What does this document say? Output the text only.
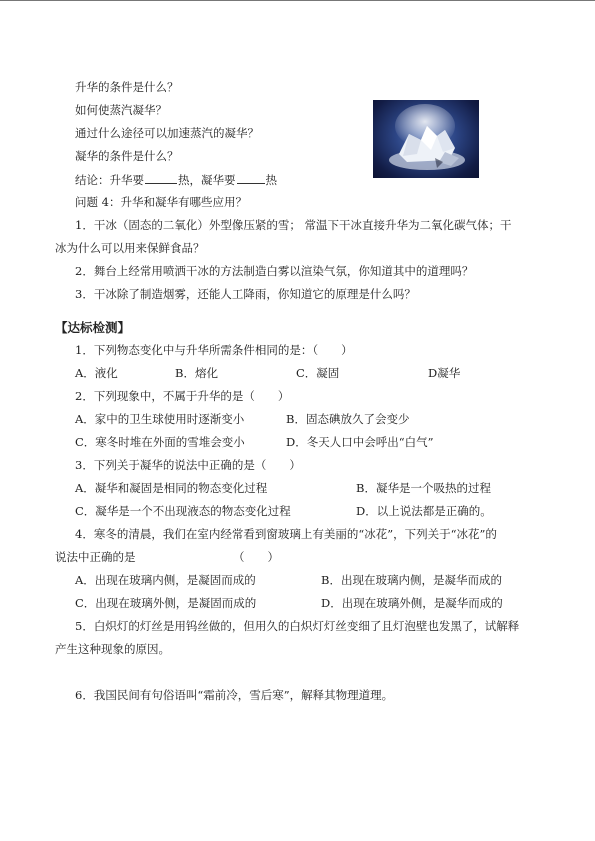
升华的条件是什么？
如何使蒸汽凝华？
通过什么途径可以加速蒸汽的凝华？
凝华的条件是什么？
结论：升华要	热，凝华要	热
问题 4：升华和凝华有哪些应用？
1．干冰（固态的二氧化）外型像压紧的雪； 常温下干冰直接升华为二氧化碳气体；干
冰为什么可以用来保鲜食品？
2．舞台上经常用喷洒干冰的方法制造白雾以渲染气氛，你知道其中的道理吗？
3．干冰除了制造烟雾，还能人工降雨，你知道它的原理是什么吗？
【达标检测】
1．下列物态变化中与升华所需条件相同的是：（　　）
A．液化	B．熔化	C．凝固	D凝华
2．下列现象中，不属于升华的是（　　）
A．家中的卫生球使用时逐渐变小	B．固态碘放久了会变少
C．寒冬时堆在外面的雪堆会变小	D．冬天人口中会呼出“白气”
3．下列关于凝华的说法中正确的是（　　）
A．凝华和凝固是相同的物态变化过程	B．凝华是一个吸热的过程
C．凝华是一个不出现液态的物态变化过程	D．以上说法都是正确的。
4．寒冬的清晨，我们在室内经常看到窗玻璃上有美丽的“冰花”，下列关于“冰花”的
说法中正确的是	（　　）
A．出现在玻璃内侧，是凝固而成的	B．出现在玻璃内侧，是凝华而成的
C．出现在玻璃外侧，是凝固而成的	D．出现在玻璃外侧，是凝华而成的
5．白炽灯的灯丝是用钨丝做的，但用久的白炽灯灯丝变细了且灯泡壁也发黑了，试解释
产生这种现象的原因。
6．我国民间有句俗语叫“霜前冷，雪后寒”，解释其物理道理。
